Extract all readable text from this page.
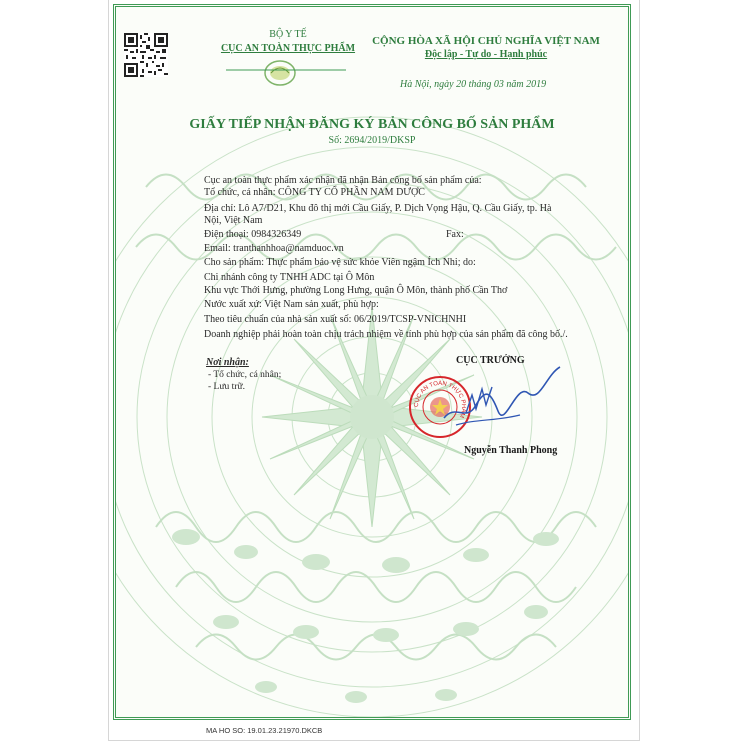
BỘ Y TẾ
CỤC AN TOÀN THỰC PHẨM
CỘNG HÒA XÃ HỘI CHỦ NGHĨA VIỆT NAM
Độc lập - Tự do - Hạnh phúc
Hà Nội, ngày 20 tháng 03 năm 2019
GIẤY TIẾP NHẬN ĐĂNG KÝ BẢN CÔNG BỐ SẢN PHẨM
Số: 2694/2019/DKSP
Cục an toàn thực phẩm xác nhận đã nhận Bản công bố sản phẩm của:
Tổ chức, cá nhân: CÔNG TY CỔ PHẦN NAM DƯỢC
Địa chỉ: Lô A7/D21, Khu đô thị mới Cầu Giấy, P. Dịch Vọng Hậu, Q. Cầu Giấy, tp. Hà
Nội, Việt Nam
Điện thoại: 0984326349	Fax:
Email: tranthanhhoa@namduoc.vn
Cho sản phẩm: Thực phẩm bảo vệ sức khỏe Viên ngậm Ích Nhi; do:
Chi nhánh công ty TNHH ADC tại Ô Môn
Khu vực Thới Hưng, phường Long Hưng, quận Ô Môn, thành phố Cần Thơ
Nước xuất xứ: Việt Nam sản xuất, phù hợp:
Theo tiêu chuẩn của nhà sản xuất số: 06/2019/TCSP-VNICHNHI
Doanh nghiệp phải hoàn toàn chịu trách nhiệm về tính phù hợp của sản phẩm đã công bố./.
Nơi nhận:
- Tổ chức, cá nhân;
- Lưu trữ.
CỤC TRƯỞNG
CỤC AN TOÀN THỰC PHẨM
Nguyễn Thanh Phong
MA HO SO: 19.01.23.21970.DKCB
